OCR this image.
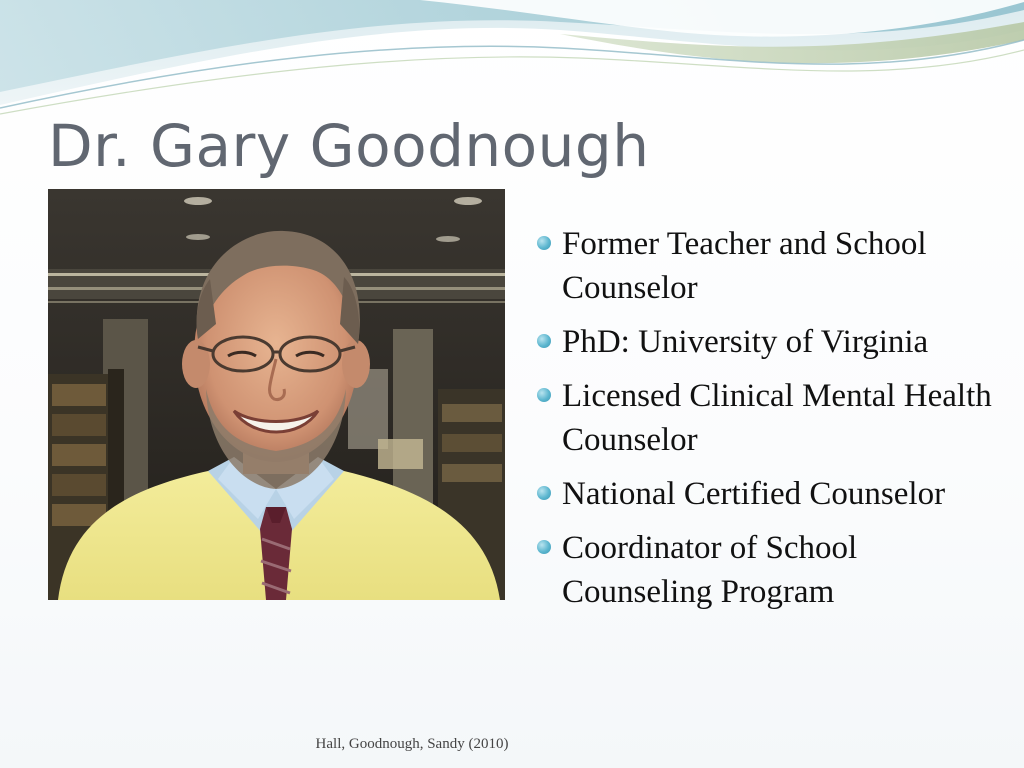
Dr. Gary Goodnough
Former Teacher and School Counselor
PhD: University of Virginia
Licensed Clinical Mental Health Counselor
National Certified Counselor
Coordinator of School Counseling Program
Hall, Goodnough, Sandy (2010)
